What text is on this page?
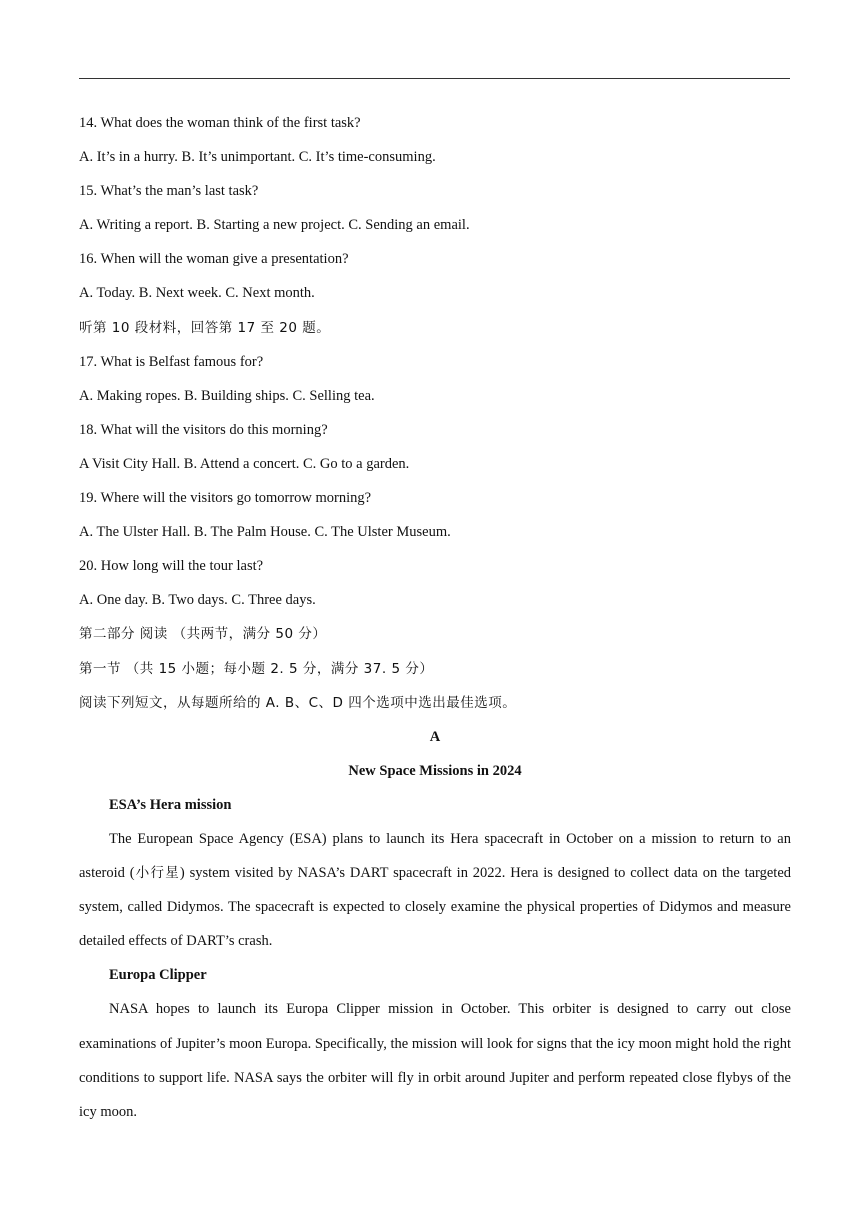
14. What does the woman think of the first task?
A. It’s in a hurry. B. It’s unimportant. C. It’s time-consuming.
15. What’s the man’s last task?
A. Writing a report. B. Starting a new project. C. Sending an email.
16. When will the woman give a presentation?
A. Today. B. Next week. C. Next month.
听第 10 段材料，回答第 17 至 20 题。
17. What is Belfast famous for?
A. Making ropes. B. Building ships. C. Selling tea.
18. What will the visitors do this morning?
A Visit City Hall. B. Attend a concert. C. Go to a garden.
19. Where will the visitors go tomorrow morning?
A. The Ulster Hall. B. The Palm House. C. The Ulster Museum.
20. How long will the tour last?
A. One day. B. Two days. C. Three days.
第二部分 阅读 （共两节，满分 50 分）
第一节 （共 15 小题；每小题 2. 5 分，满分 37. 5 分）
阅读下列短文，从每题所给的 A. B、C、D 四个选项中选出最佳选项。
A
New Space Missions in 2024
ESA’s Hera mission

The European Space Agency (ESA) plans to launch its Hera spacecraft in October on a mission to return to an asteroid (小行星) system visited by NASA’s DART spacecraft in 2022. Hera is designed to collect data on the targeted system, called Didymos. The spacecraft is expected to closely examine the physical properties of Didymos and measure detailed effects of DART’s crash.

Europa Clipper

NASA hopes to launch its Europa Clipper mission in October. This orbiter is designed to carry out close examinations of Jupiter’s moon Europa. Specifically, the mission will look for signs that the icy moon might hold the right conditions to support life. NASA says the orbiter will fly in orbit around Jupiter and perform repeated close flybys of the icy moon.
